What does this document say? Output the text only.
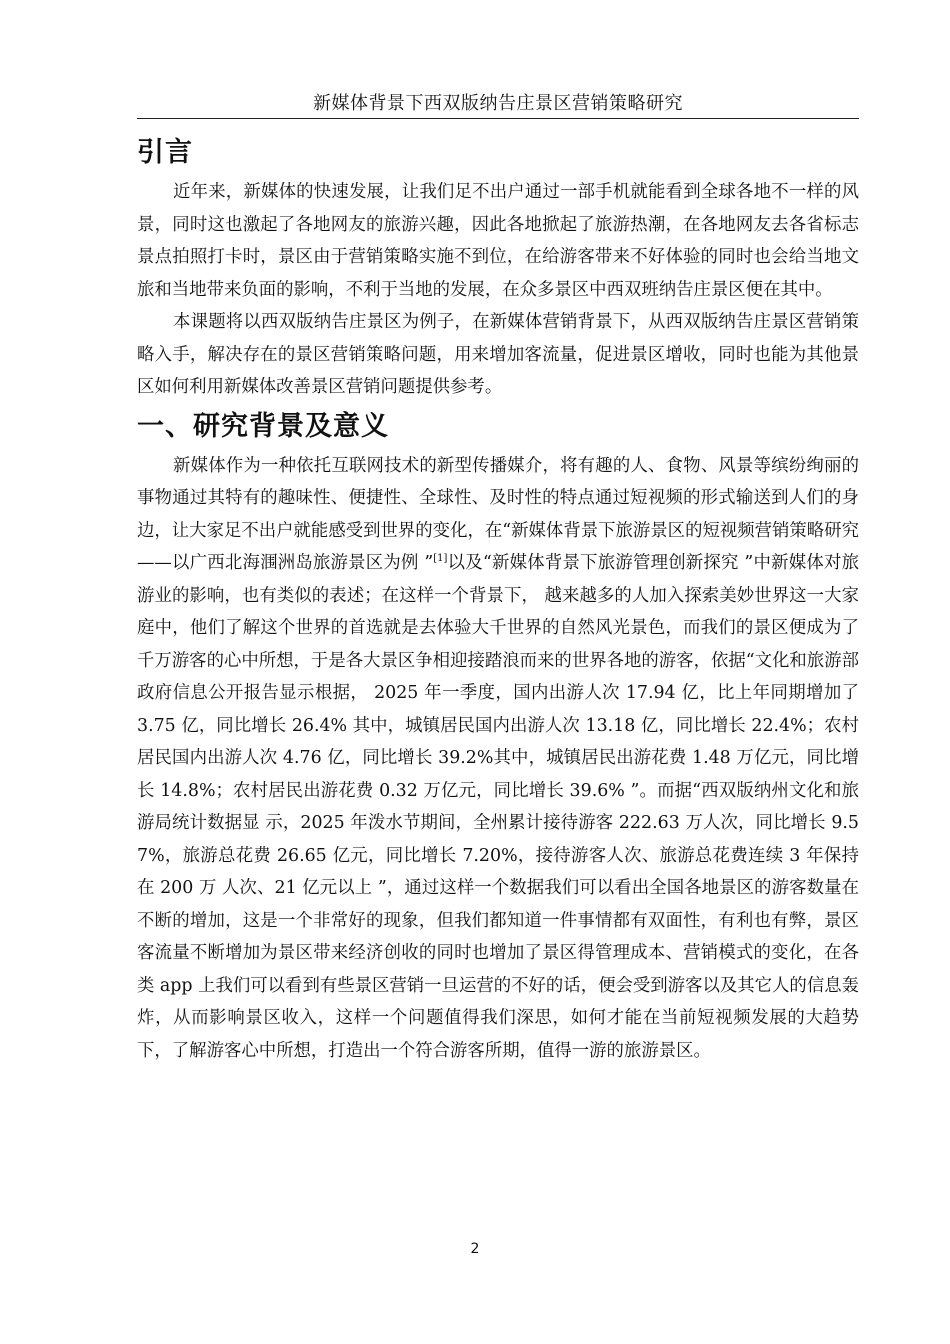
新媒体背景下西双版纳告庄景区营销策略研究
引言

近年来，新媒体的快速发展，让我们足不出户通过一部手机就能看到全球各地不一样的风景，同时这也激起了各地网友的旅游兴趣，因此各地掀起了旅游热潮，在各地网友去各省标志景点拍照打卡时，景区由于营销策略实施不到位，在给游客带来不好体验的同时也会给当地文旅和当地带来负面的影响，不利于当地的发展，在众多景区中西双班纳告庄景区便在其中。

本课题将以西双版纳告庄景区为例子，在新媒体营销背景下，从西双版纳告庄景区营销策略入手，解决存在的景区营销策略问题，用来增加客流量，促进景区增收，同时也能为其他景区如何利用新媒体改善景区营销问题提供参考。

一、研究背景及意义

新媒体作为一种依托互联网技术的新型传播媒介，将有趣的人、食物、风景等缤纷绚丽的事物通过其特有的趣味性、便捷性、全球性、及时性的特点通过短视频的形式输送到人们的身边，让大家足不出户就能感受到世界的变化，在“新媒体背景下旅游景区的短视频营销策略研究 ——以广西北海涠洲岛旅游景区为例 ”[1]以及“新媒体背景下旅游管理创新探究 ”中新媒体对旅游业的影响，也有类似的表述；在这样一个背景下， 越来越多的人加入探索美妙世界这一大家庭中，他们了解这个世界的首选就是去体验大千世界的自然风光景色，而我们的景区便成为了千万游客的心中所想，于是各大景区争相迎接踏浪而来的世界各地的游客，依据“文化和旅游部政府信息公开报告显示根据， 2025 年一季度，国内出游人次 17.94 亿，比上年同期增加了 3.75 亿，同比增长 26.4% 其中，城镇居民国内出游人次 13.18 亿，同比增长 22.4%；农村居民国内出游人次 4.76 亿，同比增长 39.2%其中，城镇居民出游花费 1.48 万亿元，同比增长 14.8%；农村居民出游花费 0.32 万亿元，同比增长 39.6% ”。而据“西双版纳州文化和旅游局统计数据显 示，2025 年泼水节期间，全州累计接待游客 222.63 万人次，同比增长 9.57%，旅游总花费 26.65 亿元，同比增长 7.20%，接待游客人次、旅游总花费连续 3 年保持在 200 万 人次、21 亿元以上 ”，通过这样一个数据我们可以看出全国各地景区的游客数量在不断的增加，这是一个非常好的现象，但我们都知道一件事情都有双面性，有利也有弊，景区客流量不断增加为景区带来经济创收的同时也增加了景区得管理成本、营销模式的变化，在各类 app 上我们可以看到有些景区营销一旦运营的不好的话，便会受到游客以及其它人的信息轰炸，从而影响景区收入，这样一个问题值得我们深思，如何才能在当前短视频发展的大趋势下，了解游客心中所想，打造出一个符合游客所期，值得一游的旅游景区。

2
